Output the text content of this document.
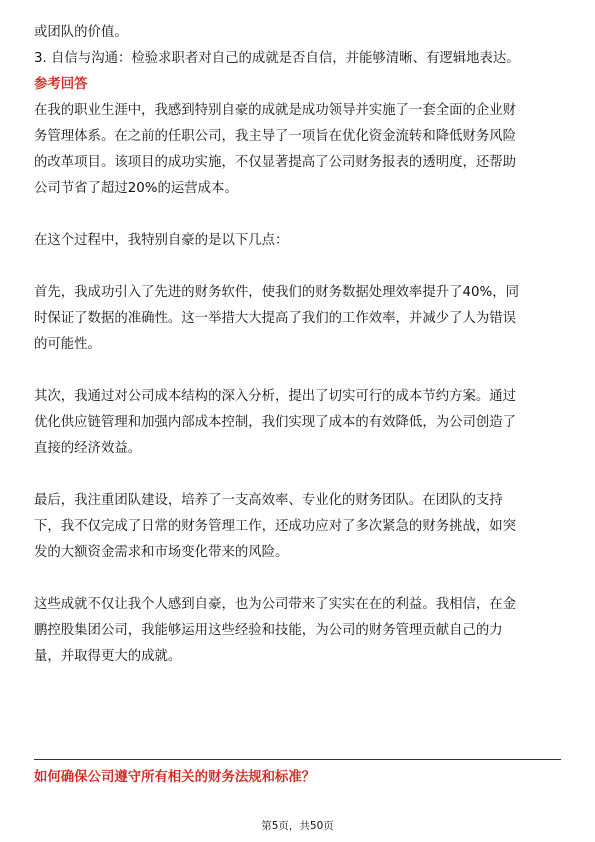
或团队的价值。

3. 自信与沟通：检验求职者对自己的成就是否自信，并能够清晰、有逻辑地表达。

参考回答

在我的职业生涯中，我感到特别自豪的成就是成功领导并实施了一套全面的企业财

务管理体系。在之前的任职公司，我主导了一项旨在优化资金流转和降低财务风险

的改革项目。该项目的成功实施，不仅显著提高了公司财务报表的透明度，还帮助

公司节省了超过20%的运营成本。

在这个过程中，我特别自豪的是以下几点：

首先，我成功引入了先进的财务软件，使我们的财务数据处理效率提升了40%，同

时保证了数据的准确性。这一举措大大提高了我们的工作效率，并减少了人为错误

的可能性。

其次，我通过对公司成本结构的深入分析，提出了切实可行的成本节约方案。通过

优化供应链管理和加强内部成本控制，我们实现了成本的有效降低，为公司创造了

直接的经济效益。

最后，我注重团队建设，培养了一支高效率、专业化的财务团队。在团队的支持

下，我不仅完成了日常的财务管理工作，还成功应对了多次紧急的财务挑战，如突

发的大额资金需求和市场变化带来的风险。

这些成就不仅让我个人感到自豪，也为公司带来了实实在在的利益。我相信，在金

鹏控股集团公司，我能够运用这些经验和技能，为公司的财务管理贡献自己的力

量，并取得更大的成就。

如何确保公司遵守所有相关的财务法规和标准？
第5页，共50页
